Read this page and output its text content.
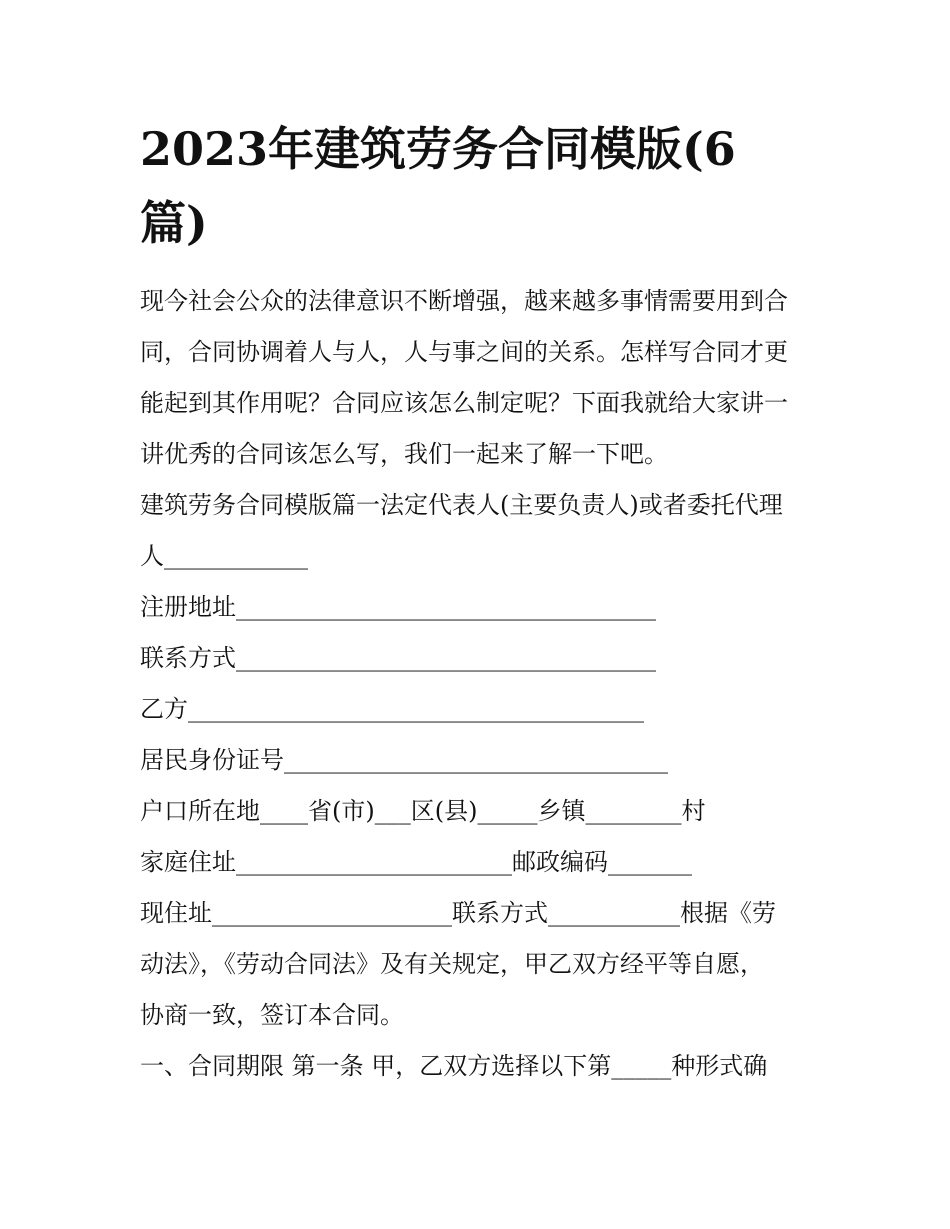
2023年建筑劳务合同模版(6
篇)

现今社会公众的法律意识不断增强，越来越多事情需要用到合

同，合同协调着人与人，人与事之间的关系。怎样写合同才更

能起到其作用呢？合同应该怎么制定呢？下面我就给大家讲一

讲优秀的合同该怎么写，我们一起来了解一下吧。

建筑劳务合同模版篇一法定代表人(主要负责人)或者委托代理

人____________

注册地址___________________________________

联系方式___________________________________

乙方______________________________________

居民身份证号________________________________

户口所在地____省(市)___区(县)_____乡镇________村

家庭住址_______________________邮政编码_______

现住址____________________联系方式___________根据《劳

动法》，《劳动合同法》及有关规定，甲乙双方经平等自愿，

协商一致，签订本合同。

一、合同期限 第一条 甲，乙双方选择以下第_____种形式确
